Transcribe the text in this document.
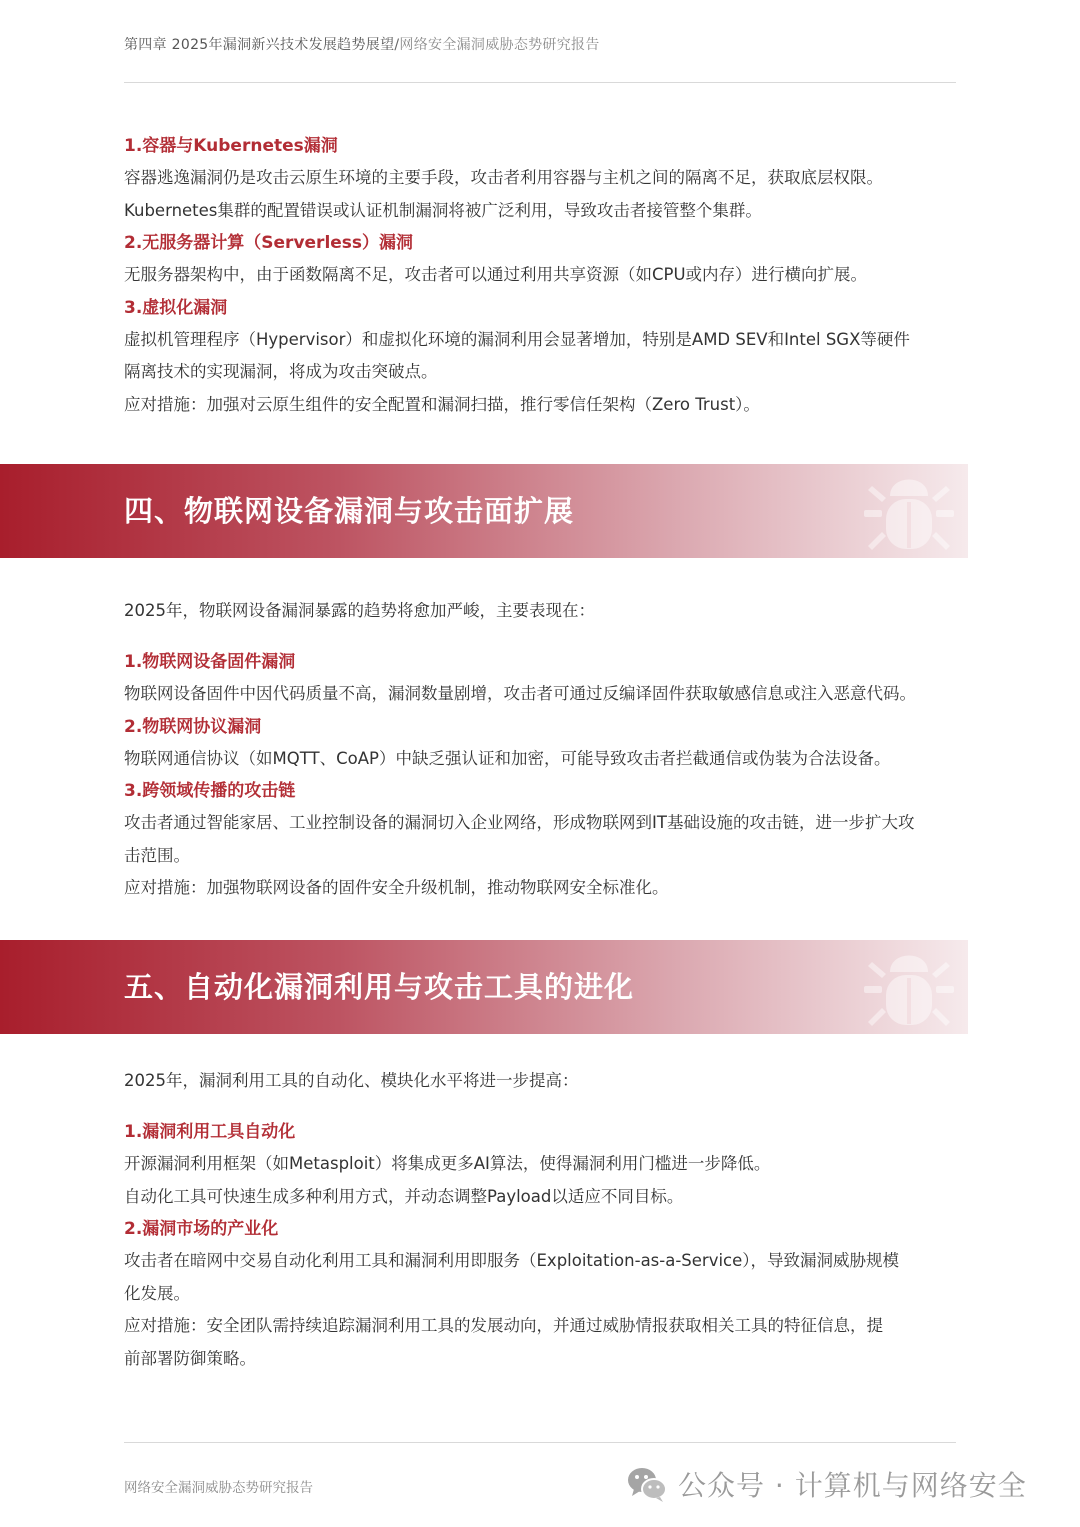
第四章 2025年漏洞新兴技术发展趋势展望/网络安全漏洞威胁态势研究报告
1.容器与Kubernetes漏洞
容器逃逸漏洞仍是攻击云原生环境的主要手段，攻击者利用容器与主机之间的隔离不足，获取底层权限。
Kubernetes集群的配置错误或认证机制漏洞将被广泛利用，导致攻击者接管整个集群。
2.无服务器计算（Serverless）漏洞
无服务器架构中，由于函数隔离不足，攻击者可以通过利用共享资源（如CPU或内存）进行横向扩展。
3.虚拟化漏洞
虚拟机管理程序（Hypervisor）和虚拟化环境的漏洞利用会显著增加，特别是AMD SEV和Intel SGX等硬件
隔离技术的实现漏洞，将成为攻击突破点。
应对措施：加强对云原生组件的安全配置和漏洞扫描，推行零信任架构（Zero Trust）。
四、物联网设备漏洞与攻击面扩展
2025年，物联网设备漏洞暴露的趋势将愈加严峻，主要表现在：
1.物联网设备固件漏洞
物联网设备固件中因代码质量不高，漏洞数量剧增，攻击者可通过反编译固件获取敏感信息或注入恶意代码。
2.物联网协议漏洞
物联网通信协议（如MQTT、CoAP）中缺乏强认证和加密，可能导致攻击者拦截通信或伪装为合法设备。
3.跨领域传播的攻击链
攻击者通过智能家居、工业控制设备的漏洞切入企业网络，形成物联网到IT基础设施的攻击链，进一步扩大攻
击范围。
应对措施：加强物联网设备的固件安全升级机制，推动物联网安全标准化。
五、自动化漏洞利用与攻击工具的进化
2025年，漏洞利用工具的自动化、模块化水平将进一步提高：
1.漏洞利用工具自动化
开源漏洞利用框架（如Metasploit）将集成更多AI算法，使得漏洞利用门槛进一步降低。
自动化工具可快速生成多种利用方式，并动态调整Payload以适应不同目标。
2.漏洞市场的产业化
攻击者在暗网中交易自动化利用工具和漏洞利用即服务（Exploitation-as-a-Service），导致漏洞威胁规模
化发展。
应对措施：安全团队需持续追踪漏洞利用工具的发展动向，并通过威胁情报获取相关工具的特征信息，提
前部署防御策略。
网络安全漏洞威胁态势研究报告	公众号 · 计算机与网络安全
